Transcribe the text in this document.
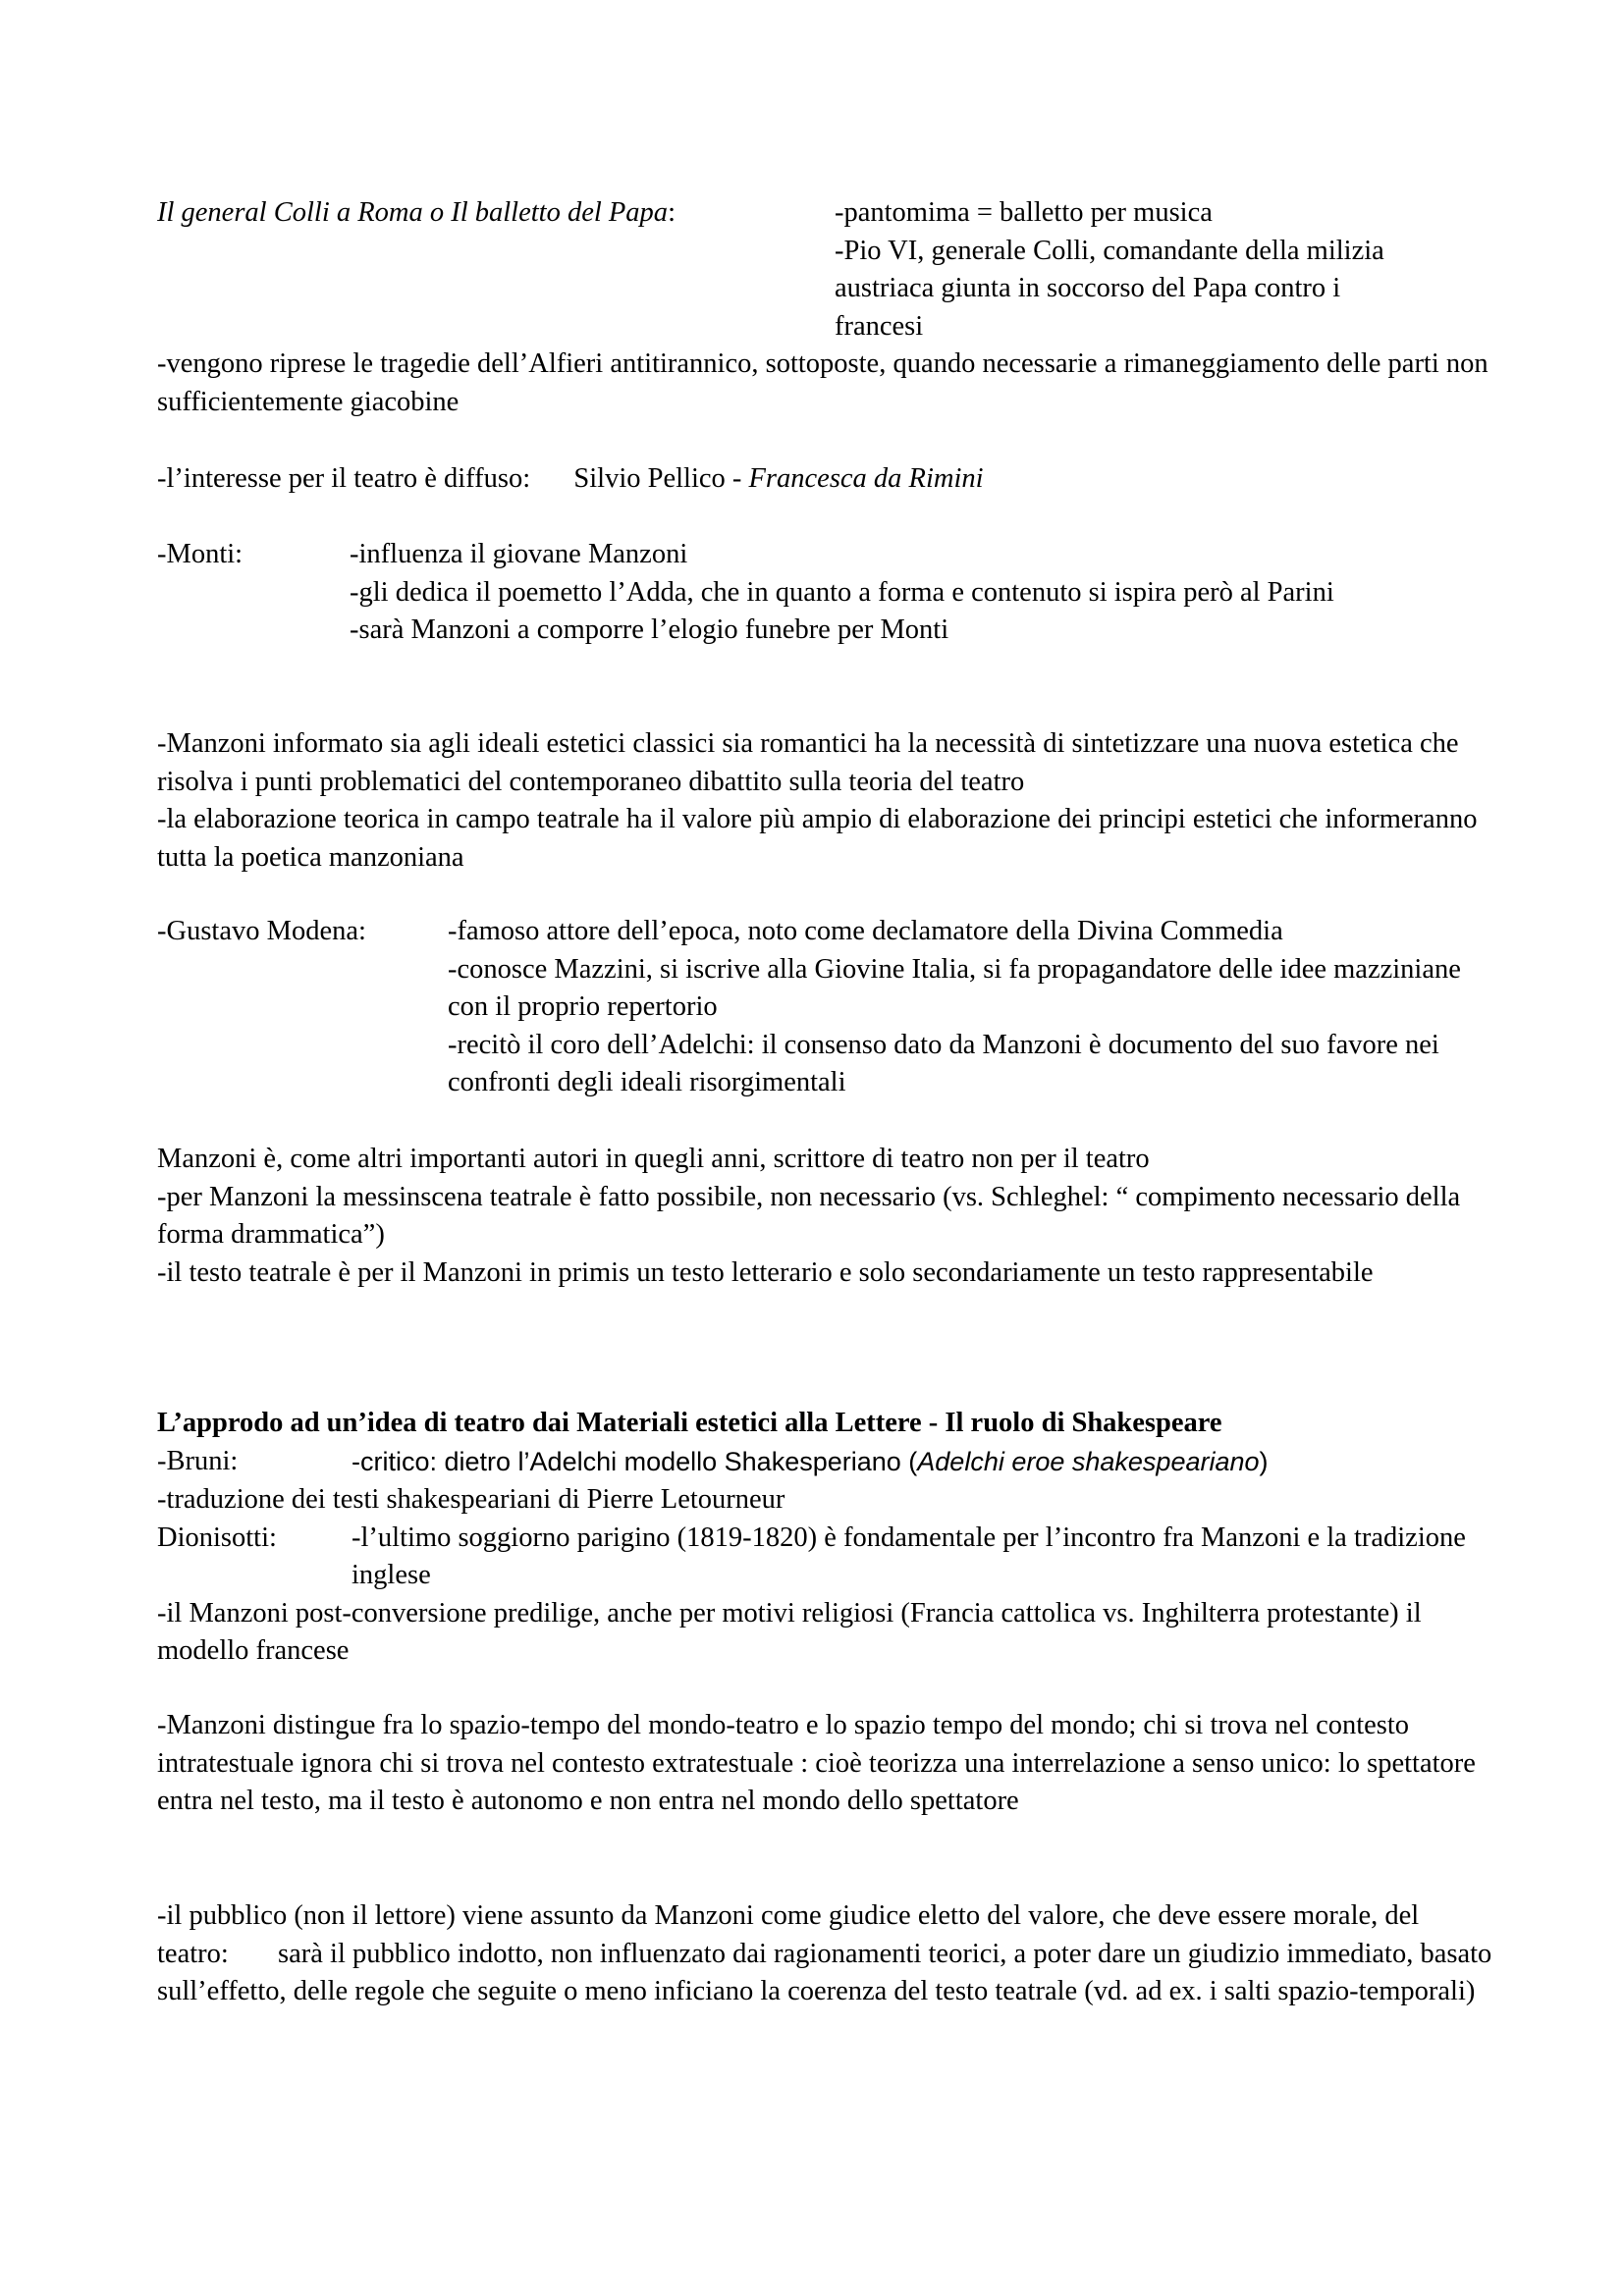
Il general Colli a Roma o Il balletto del Papa:	-pantomima = balletto per musica

-Pio VI, generale Colli, comandante della milizia austriaca giunta in soccorso del Papa contro i francesi

-vengono riprese le tragedie dell’Alfieri antitirannico, sottoposte, quando necessarie a rimaneggiamento delle parti non sufficientemente giacobine

-l’interesse per il teatro è diffuso: Silvio Pellico - Francesca da Rimini

-Monti:	-influenza il giovane Manzoni

-gli dedica il poemetto l’Adda, che in quanto a forma e contenuto si ispira però al Parini

-sarà Manzoni a comporre l’elogio funebre per Monti

-Manzoni informato sia agli ideali estetici classici sia romantici ha la necessità di sintetizzare una nuova estetica che risolva i punti problematici del contemporaneo dibattito sulla teoria del teatro

-la elaborazione teorica in campo teatrale ha il valore più ampio di elaborazione dei principi estetici che informeranno tutta la poetica manzoniana

-Gustavo Modena:	-famoso attore dell’epoca, noto come declamatore della Divina Commedia

-conosce Mazzini, si iscrive alla Giovine Italia, si fa propagandatore delle idee mazziniane con il proprio repertorio

-recitò il coro dell’Adelchi: il consenso dato da Manzoni è documento del suo favore nei confronti degli ideali risorgimentali

Manzoni è, come altri importanti autori in quegli anni, scrittore di teatro non per il teatro

-per Manzoni la messinscena teatrale è fatto possibile, non necessario (vs. Schleghel: “ compimento necessario della forma drammatica”)

-il testo teatrale è per il Manzoni in primis un testo letterario e solo secondariamente un testo rappresentabile

L’approdo ad un’idea di teatro dai Materiali estetici alla Lettere - Il ruolo di Shakespeare

-Bruni:	-critico: dietro l’Adelchi modello Shakesperiano (Adelchi eroe shakespeariano)

-traduzione dei testi shakespeariani di Pierre Letourneur

Dionisotti:	-l’ultimo soggiorno parigino (1819-1820) è fondamentale per l’incontro fra Manzoni e la tradizione inglese

-il Manzoni post-conversione predilige, anche per motivi religiosi (Francia cattolica vs. Inghilterra protestante) il modello francese

-Manzoni distingue fra lo spazio-tempo del mondo-teatro e lo spazio tempo del mondo; chi si trova nel contesto intratestuale ignora chi si trova nel contesto extratestuale : cioè teorizza una interrelazione a senso unico: lo spettatore entra nel testo, ma il testo è autonomo e non entra nel mondo dello spettatore

-il pubblico (non il lettore) viene assunto da Manzoni come giudice eletto del valore, che deve essere morale, del teatro: sarà il pubblico indotto, non influenzato dai ragionamenti teorici, a poter dare un giudizio immediato, basato sull’effetto, delle regole che seguite o meno inficiano la coerenza del testo teatrale (vd. ad ex. i salti spazio-temporali)
